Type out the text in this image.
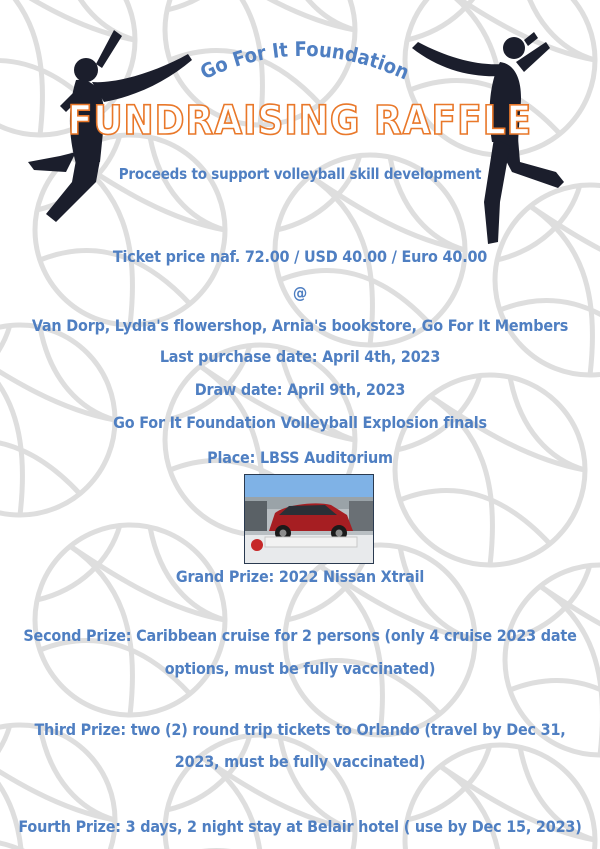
Go For It Foundation
FUNDRAISING RAFFLE
Proceeds to support volleyball skill development
Ticket price naf. 72.00 / USD 40.00 / Euro 40.00
@
Van Dorp, Lydia's flowershop, Arnia's bookstore, Go For It Members
Last purchase date: April 4th, 2023
Draw date: April 9th, 2023
Go For It Foundation Volleyball Explosion finals
Place: LBSS Auditorium
Grand Prize: 2022 Nissan Xtrail
Second Prize: Caribbean cruise for 2 persons (only 4 cruise 2023 date
options, must be fully vaccinated)
Third Prize: two (2) round trip tickets to Orlando (travel by Dec 31,
2023, must be fully vaccinated)
Fourth Prize: 3 days, 2 night stay at Belair hotel ( use by Dec 15, 2023)
